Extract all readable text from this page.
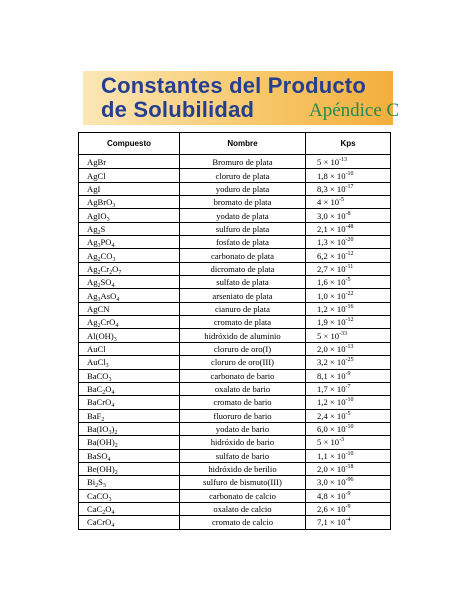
Constantes del Producto
de Solubilidad	Apéndice C
Compuesto	Nombre	Kps
AgBr	Bromuro de plata	$5 \times 10^{-13}$
AgCl	cloruro de plata	$1,8 \times 10^{-10}$
AgI	yoduro de plata	$8,3 \times 10^{-17}$
AgBrO$_3$	bromato de plata	$4 \times 10^{-5}$
AgIO$_3$	yodato de plata	$3,0 \times 10^{-8}$
$Ag_2S$	sulfuro de plata	$2,1 \times 10^{-48}$
$Ag_3PO_4$	fosfato de plata	$1,3 \times 10^{-20}$
$Ag_2CO_3$	carbonato de plata	$6,2 \times 10^{-12}$
$Ag_2Cr_2O_7$	dicromato de plata	$2,7 \times 10^{-11}$
$Ag_2SO_4$	sulfato de plata	$1,6 \times 10^{-5}$
$Ag_3AsO_4$	arseniato de plata	$1,0 \times 10^{-22}$
AgCN	cianuro de plata	$1,2 \times 10^{-16}$
$Ag_2CrO_4$	cromato de plata	$1,9 \times 10^{-12}$
$Al(OH)_3$	hidróxido de aluminio	$5 \times 10^{-33}$
AuCl	cloruro de oro(I)	$2,0 \times 10^{-13}$
AuCl$_3$	cloruro de oro(III)	$3,2 \times 10^{-25}$
BaCO$_3$	carbonato de bario	$8,1 \times 10^{-9}$
$BaC_2O_4$	oxalato de bario	$1,7 \times 10^{-7}$
BaCrO$_4$	cromato de bario	$1,2 \times 10^{-10}$
BaF$_2$	fluoruro de bario	$2,4 \times 10^{-5}$
$Ba(IO_3)_2$	yodato de bario	$6,0 \times 10^{-10}$
$Ba(OH)_2$	hidróxido de bario	$5 \times 10^{-3}$
BaSO$_4$	sulfato de bario	$1,1 \times 10^{-10}$
$Be(OH)_2$	hidróxido de berilio	$2,0 \times 10^{-18}$
$Bi_2S_3$	sulfuro de bismuto(III)	$3,0 \times 10^{-96}$
CaCO$_3$	carbonato de calcio	$4,8 \times 10^{-9}$
$CaC_2O_4$	oxalato de calcio	$2,6 \times 10^{-9}$
CaCrO$_4$	cromato de calcio	$7,1 \times 10^{-4}$
